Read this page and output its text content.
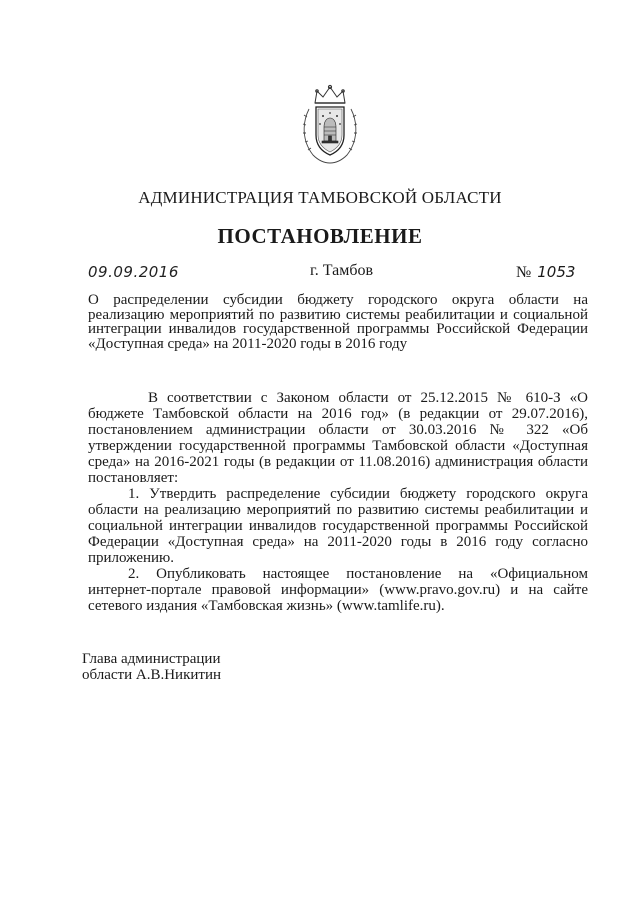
АДМИНИСТРАЦИЯ ТАМБОВСКОЙ ОБЛАСТИ
ПОСТАНОВЛЕНИЕ
09.09.2016	г. Тамбов	№ 1053
О распределении субсидии бюджету городского округа области на реализацию мероприятий по развитию системы реабилитации и социальной интеграции инвалидов государственной программы Российской Федерации «Доступная среда» на 2011-2020 годы в 2016 году

В соответствии с Законом области от 25.12.2015 № 610-З «О бюджете Тамбовской области на 2016 год» (в редакции от 29.07.2016), постановлением администрации области от 30.03.2016 № 322 «Об утверждении государственной программы Тамбовской области «Доступная среда» на 2016-2021 годы (в редакции от 11.08.2016) администрация области постановляет:

1. Утвердить распределение субсидии бюджету городского округа области на реализацию мероприятий по развитию системы реабилитации и социальной интеграции инвалидов государственной программы Российской Федерации «Доступная среда» на 2011-2020 годы в 2016 году согласно приложению.

2. Опубликовать настоящее постановление на «Официальном интернет-портале правовой информации» (www.pravo.gov.ru) и на сайте сетевого издания «Тамбовская жизнь» (www.tamlife.ru).

Глава администрации
области А.В.Никитин
